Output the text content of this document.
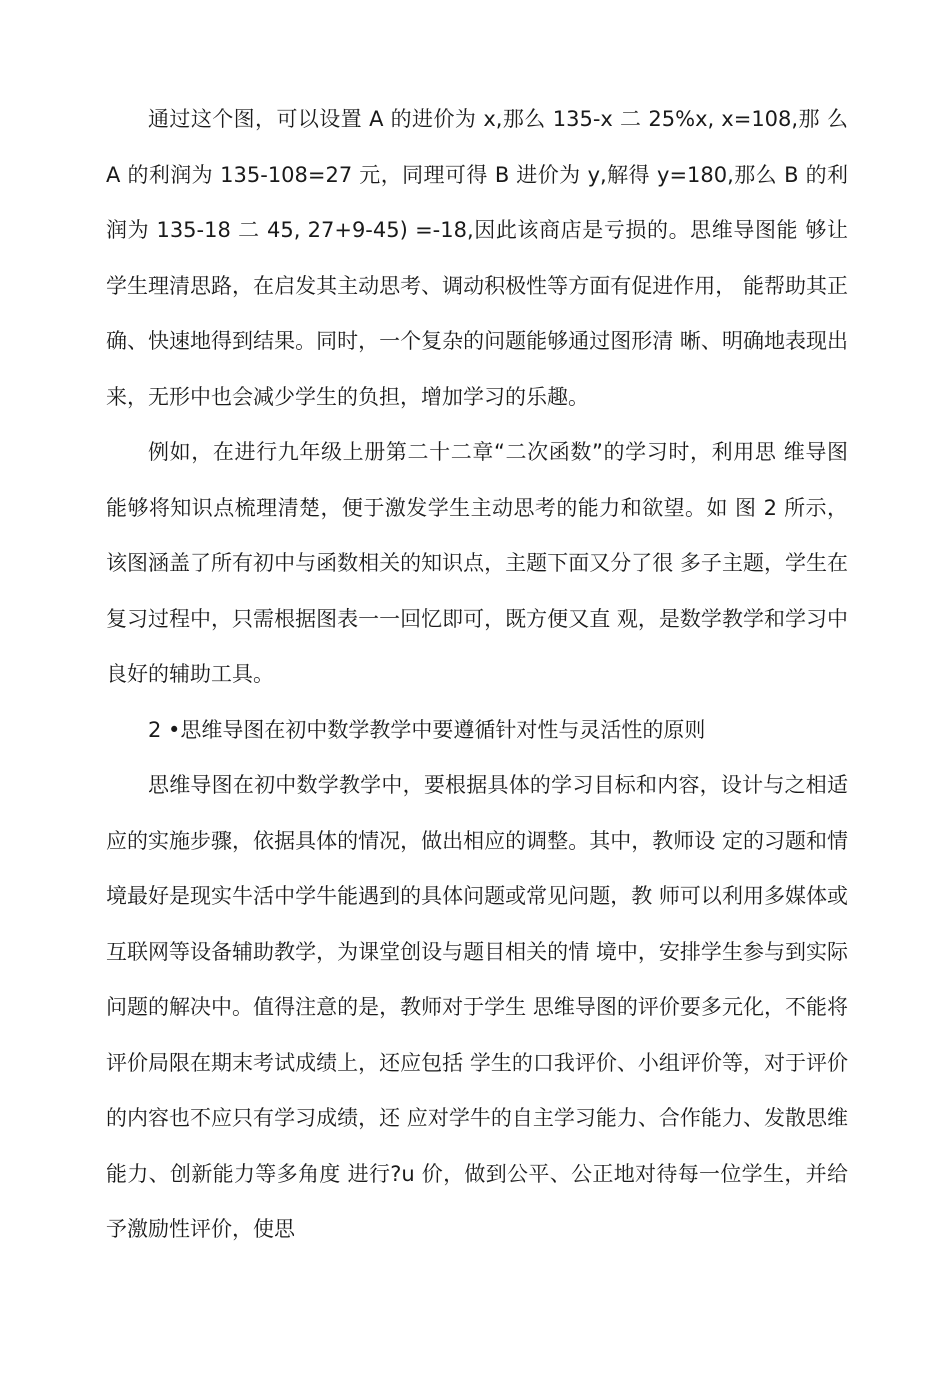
通过这个图，可以设置 A 的进价为 x,那么 135-x 二 25%x, x=108,那 么 A 的利润为 135-108=27 元，同理可得 B 进价为 y,解得 y=180,那么 B 的利润为 135-18 二 45, 27+9-45) =-18,因此该商店是亏损的。思维导图能 够让学生理清思路，在启发其主动思考、调动积极性等方面有促进作用， 能帮助其正确、快速地得到结果。同时，一个复杂的问题能够通过图形清 晰、明确地表现出来，无形中也会减少学生的负担，增加学习的乐趣。

例如，在进行九年级上册第二十二章“二次函数”的学习时，利用思 维导图能够将知识点梳理清楚，便于激发学生主动思考的能力和欲望。如 图 2 所示，该图涵盖了所有初中与函数相关的知识点，主题下面又分了很 多子主题，学生在复习过程中，只需根据图表一一回忆即可，既方便又直 观，是数学教学和学习中良好的辅助工具。

2 •思维导图在初中数学教学中要遵循针对性与灵活性的原则

思维导图在初中数学教学中，要根据具体的学习目标和内容，设计与之相适应的实施步骤，依据具体的情况，做出相应的调整。其中，教师设 定的习题和情境最好是现实牛活中学牛能遇到的具体问题或常见问题，教 师可以利用多媒体或互联网等设备辅助教学，为课堂创设与题目相关的情 境中，安排学生参与到实际问题的解决中。值得注意的是，教师对于学生 思维导图的评价要多元化，不能将评价局限在期末考试成绩上，还应包括 学生的口我评价、小组评价等，对于评价的内容也不应只有学习成绩，还 应对学牛的自主学习能力、合作能力、发散思维能力、创新能力等多角度 进行?u 价，做到公平、公正地对待每一位学生，并给予激励性评价，使思
